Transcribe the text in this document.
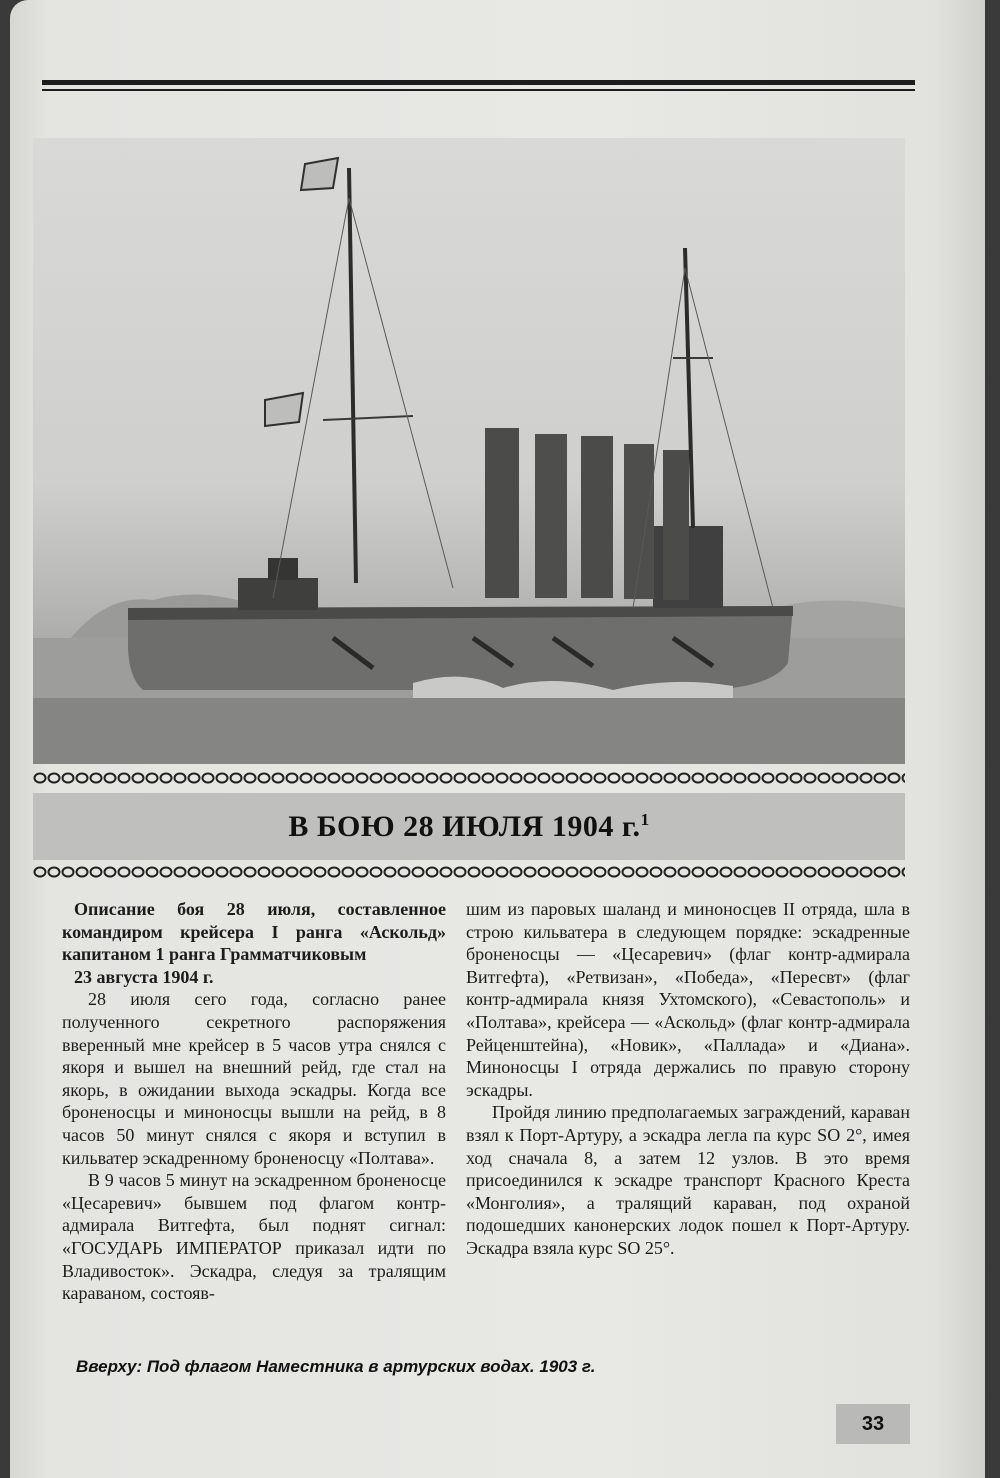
В БОЮ 28 ИЮЛЯ 1904 г.$^1$

Описание боя 28 июля, составленное командиром крейсера I ранга «Аскольд» капитаном 1 ранга Грамматчиковым

23 августа 1904 г.

28 июля сего года, согласно ранее полученного секретного распоряжения вверенный мне крейсер в 5 часов утра снялся с якоря и вышел на внешний рейд, где стал на якорь, в ожидании выхода эскадры. Когда все броненосцы и миноносцы вышли на рейд, в 8 часов 50 минут снялся с якоря и вступил в кильватер эскадренному броненосцу «Полтава».

В 9 часов 5 минут на эскадренном броненосце «Цесаревич» бывшем под флагом контр-адмирала Витгефта, был поднят сигнал: «ГОСУДАРЬ ИМПЕРАТОР приказал идти по Владивосток». Эскадра, следуя за тралящим караваном, состояв-

шим из паровых шаланд и миноносцев II отряда, шла в строю кильватера в следующем порядке: эскадренные броненосцы — «Цесаревич» (флаг контр-адмирала Витгефта), «Ретвизан», «Победа», «Пересвт» (флаг контр-адмирала князя Ухтомского), «Севастополь» и «Полтава», крейсера — «Аскольд» (флаг контр-адмирала Рейценштейна), «Новик», «Паллада» и «Диана». Миноносцы I отряда держались по правую сторону эскадры.

Пройдя линию предполагаемых заграждений, караван взял к Порт-Артуру, а эскадра легла па курс SO 2°, имея ход сначала 8, а затем 12 узлов. В это время присоединился к эскадре транспорт Красного Креста «Монголия», а тралящий караван, под охраной подошедших канонерских лодок пошел к Порт-Артуру. Эскадра взяла курс SO 25°.

Вверху: Под флагом Наместника в артурских водах. 1903 г.
33
